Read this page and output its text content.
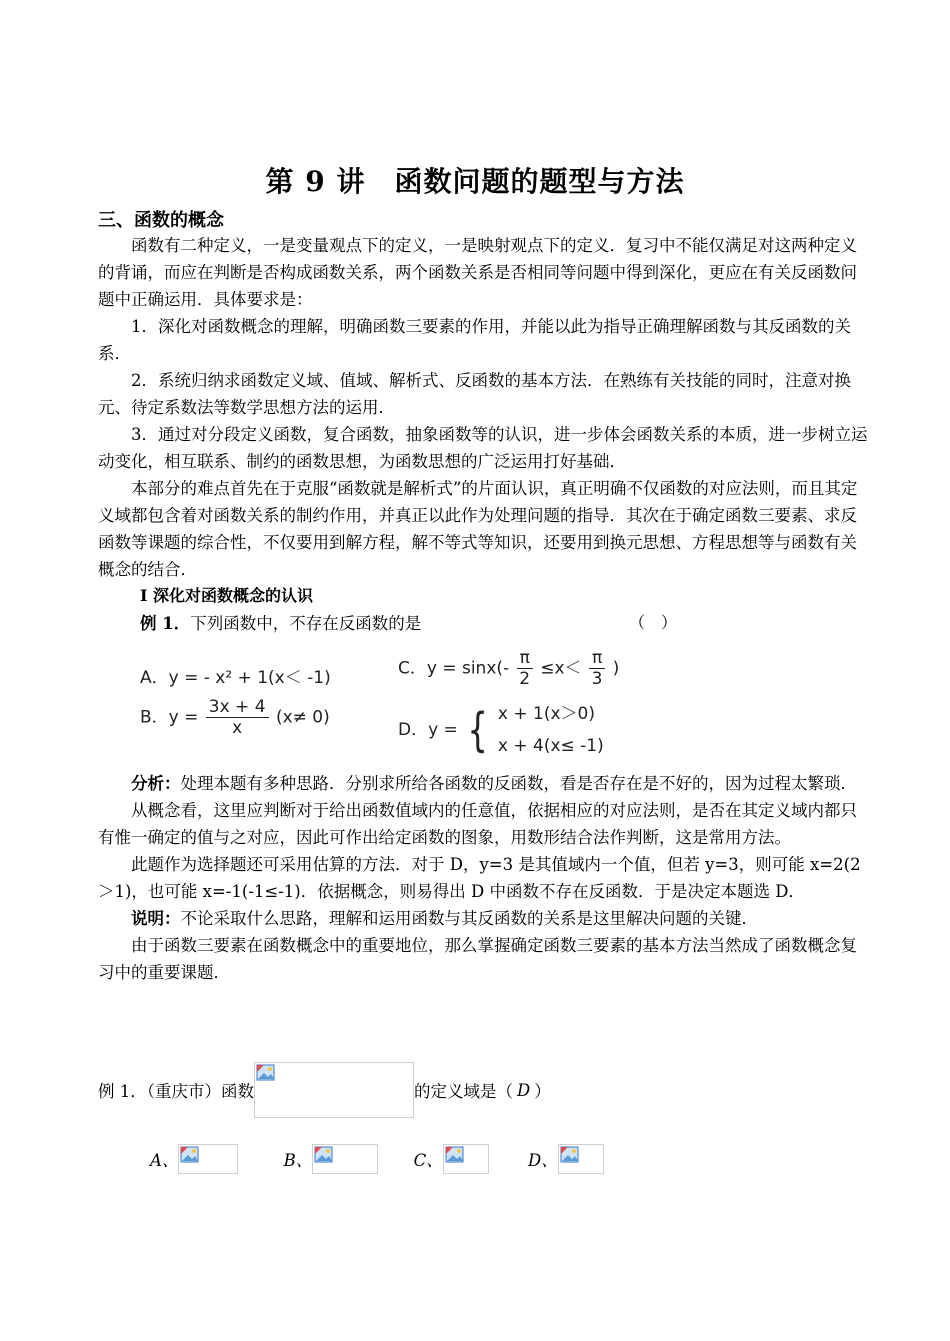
第 9 讲　函数问题的题型与方法
三、函数的概念

函数有二种定义，一是变量观点下的定义，一是映射观点下的定义．复习中不能仅满足对这两种定义的背诵，而应在判断是否构成函数关系，两个函数关系是否相同等问题中得到深化，更应在有关反函数问题中正确运用．具体要求是：

1．深化对函数概念的理解，明确函数三要素的作用，并能以此为指导正确理解函数与其反函数的关系．

2．系统归纳求函数定义域、值域、解析式、反函数的基本方法．在熟练有关技能的同时，注意对换元、待定系数法等数学思想方法的运用．

3．通过对分段定义函数，复合函数，抽象函数等的认识，进一步体会函数关系的本质，进一步树立运动变化，相互联系、制约的函数思想，为函数思想的广泛运用打好基础．

本部分的难点首先在于克服“函数就是解析式”的片面认识，真正明确不仅函数的对应法则，而且其定义域都包含着对函数关系的制约作用，并真正以此作为处理问题的指导．其次在于确定函数三要素、求反函数等课题的综合性，不仅要用到解方程，解不等式等知识，还要用到换元思想、方程思想等与函数有关概念的结合．

Ⅰ 深化对函数概念的认识
例 1．下列函数中，不存在反函数的是	（　）
A．y = - x² + 1(x＜ -1)
B．$y = \frac{3x + 4}{x} (x\ne 0)$
C．$y = \sin x(- \frac{\pi}{2} \le x< \frac{\pi}{3}$ )
D．y = { x + 1(x＞0)
x + 4(x≤ -1)

分析：处理本题有多种思路．分别求所给各函数的反函数，看是否存在是不好的，因为过程太繁琐．

从概念看，这里应判断对于给出函数值域内的任意值，依据相应的对应法则，是否在其定义域内都只有惟一确定的值与之对应，因此可作出给定函数的图象，用数形结合法作判断，这是常用方法。

此题作为选择题还可采用估算的方法．对于 D，y=3 是其值域内一个值，但若 y=3，则可能 x=2(2＞1)，也可能 x=-1(-1≤-1)．依据概念，则易得出 D 中函数不存在反函数．于是决定本题选 D．

说明：不论采取什么思路，理解和运用函数与其反函数的关系是这里解决问题的关键．

由于函数三要素在函数概念中的重要地位，那么掌握确定函数三要素的基本方法当然成了函数概念复习中的重要课题．

例 1．（重庆市）函数	的定义域是（ D ）
A、	B、	C、	D、
